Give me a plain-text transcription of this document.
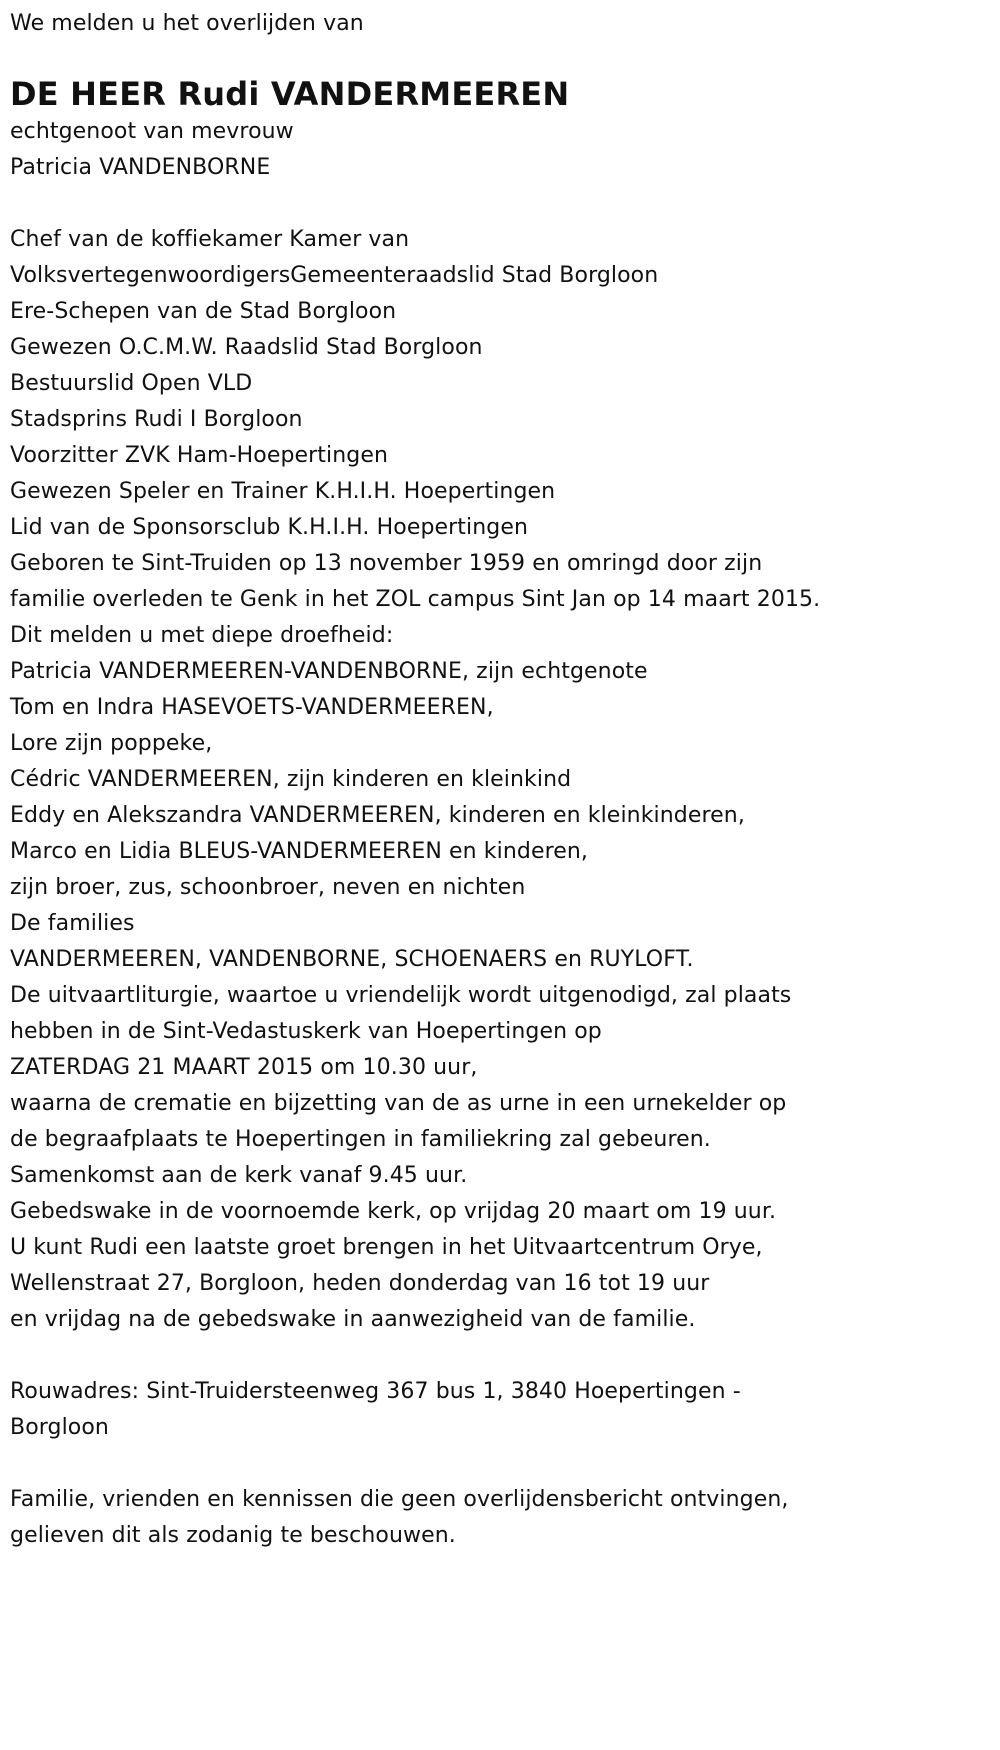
We melden u het overlijden van
DE HEER Rudi VANDERMEEREN
echtgenoot van mevrouw
Patricia VANDENBORNE
Chef van de koffiekamer Kamer van
VolksvertegenwoordigersGemeenteraadslid Stad Borgloon
Ere-Schepen van de Stad Borgloon
Gewezen O.C.M.W. Raadslid Stad Borgloon
Bestuurslid Open VLD
Stadsprins Rudi I Borgloon
Voorzitter ZVK Ham-Hoepertingen
Gewezen Speler en Trainer K.H.I.H. Hoepertingen
Lid van de Sponsorsclub K.H.I.H. Hoepertingen
Geboren te Sint-Truiden op 13 november 1959 en omringd door zijn
familie overleden te Genk in het ZOL campus Sint Jan op 14 maart 2015.
Dit melden u met diepe droefheid:
Patricia VANDERMEEREN-VANDENBORNE, zijn echtgenote
Tom en Indra HASEVOETS-VANDERMEEREN,
Lore zijn poppeke,
Cédric VANDERMEEREN, zijn kinderen en kleinkind
Eddy en Alekszandra VANDERMEEREN, kinderen en kleinkinderen,
Marco en Lidia BLEUS-VANDERMEEREN en kinderen,
zijn broer, zus, schoonbroer, neven en nichten
De families
VANDERMEEREN, VANDENBORNE, SCHOENAERS en RUYLOFT.
De uitvaartliturgie, waartoe u vriendelijk wordt uitgenodigd, zal plaats
hebben in de Sint-Vedastuskerk van Hoepertingen op
ZATERDAG 21 MAART 2015 om 10.30 uur,
waarna de crematie en bijzetting van de as urne in een urnekelder op
de begraafplaats te Hoepertingen in familiekring zal gebeuren.
Samenkomst aan de kerk vanaf 9.45 uur.
Gebedswake in de voornoemde kerk, op vrijdag 20 maart om 19 uur.
U kunt Rudi een laatste groet brengen in het Uitvaartcentrum Orye,
Wellenstraat 27, Borgloon, heden donderdag van 16 tot 19 uur
en vrijdag na de gebedswake in aanwezigheid van de familie.
Rouwadres: Sint-Truidersteenweg 367 bus 1, 3840 Hoepertingen -
Borgloon
Familie, vrienden en kennissen die geen overlijdensbericht ontvingen,
gelieven dit als zodanig te beschouwen.
